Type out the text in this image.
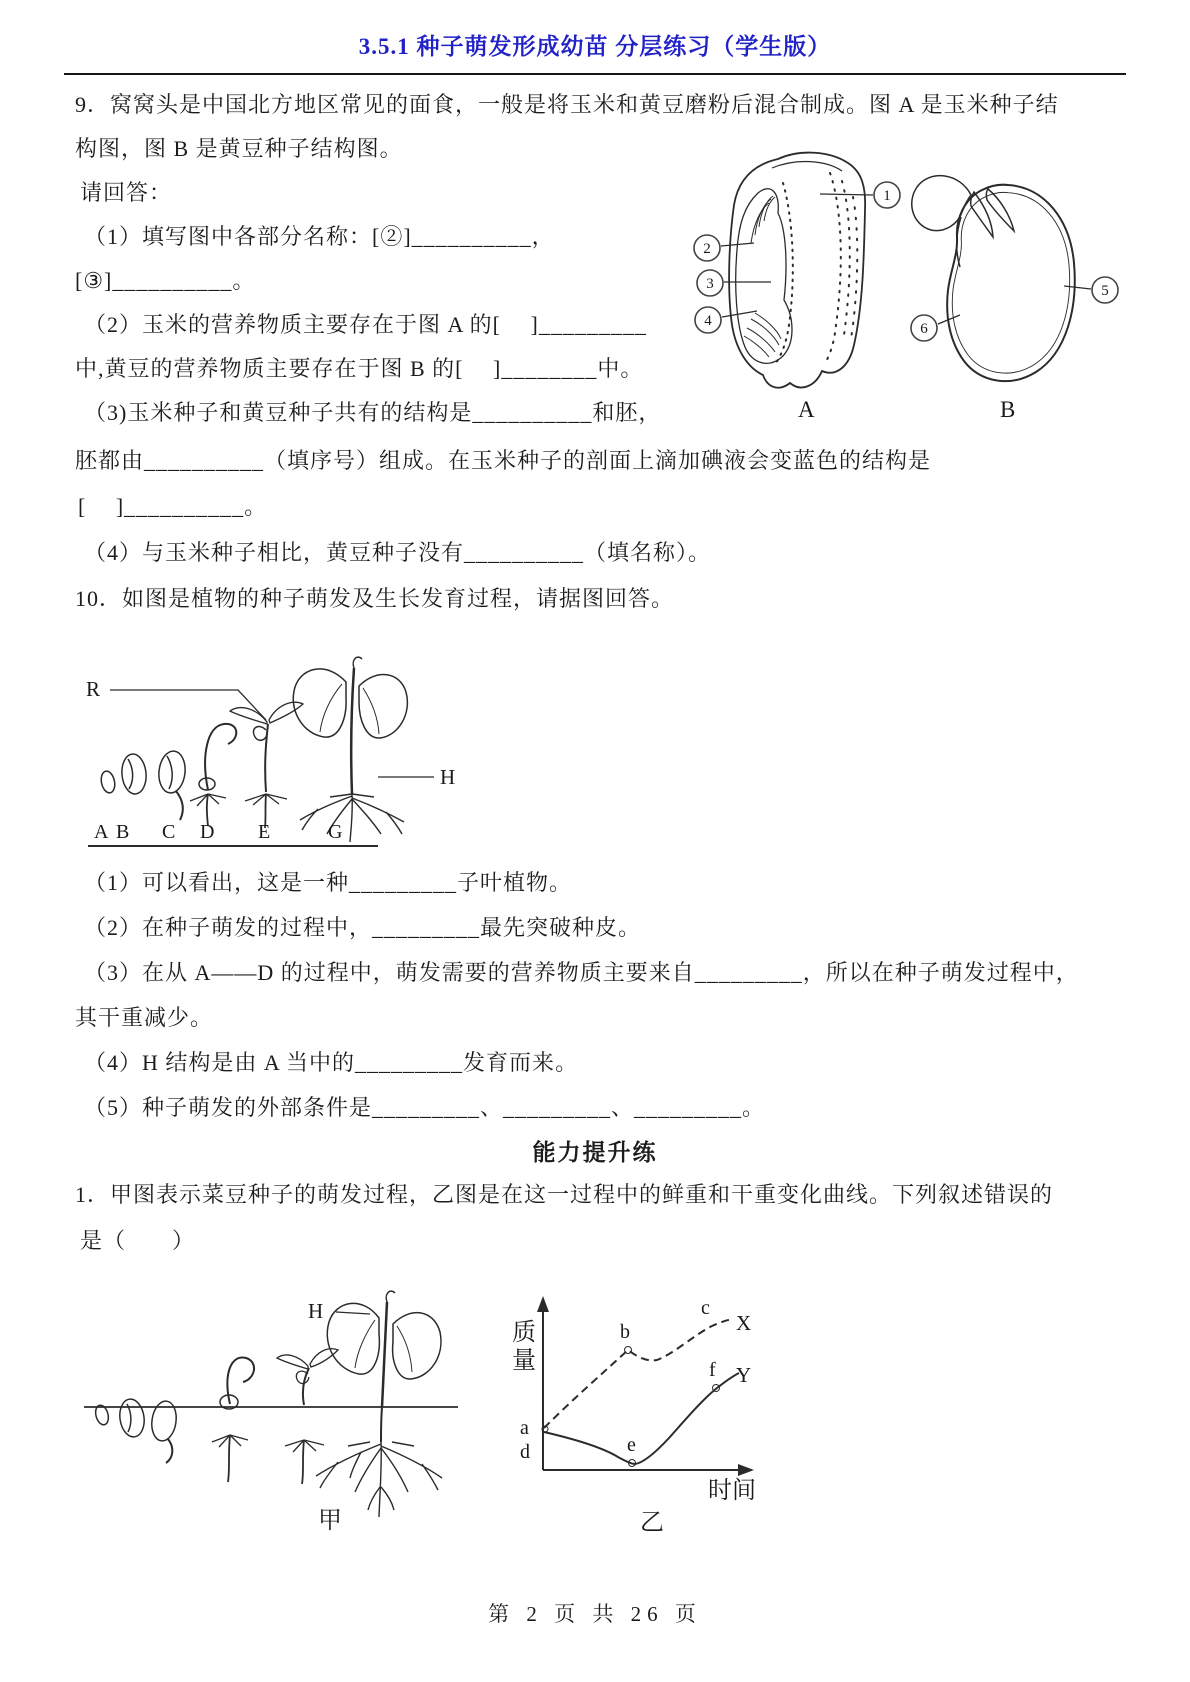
3.5.1 种子萌发形成幼苗 分层练习（学生版）
9．窝窝头是中国北方地区常见的面食，一般是将玉米和黄豆磨粉后混合制成。图 A 是玉米种子结
构图，图 B 是黄豆种子结构图。
请回答：
（1）填写图中各部分名称：[②]__________，
[③]__________。
（2）玉米的营养物质主要存在于图 A 的[　 ]_________
中,黄豆的营养物质主要存在于图 B 的[　 ]________中。
（3)玉米种子和黄豆种子共有的结构是__________和胚，
胚都由__________（填序号）组成。在玉米种子的剖面上滴加碘液会变蓝色的结构是
[　 ]__________。
（4）与玉米种子相比，黄豆种子没有__________（填名称）。
1
2
3
4
A
5
6
B
10．如图是植物的种子萌发及生长发育过程，请据图回答。
R
H
A B C D E	G
（1）可以看出，这是一种_________子叶植物。
（2）在种子萌发的过程中，_________最先突破种皮。
（3）在从 A——D 的过程中，萌发需要的营养物质主要来自_________，所以在种子萌发过程中，
其干重减少。
（4）H 结构是由 A 当中的_________发育而来。
（5）种子萌发的外部条件是_________、_________、_________。
能力提升练
1．甲图表示菜豆种子的萌发过程，乙图是在这一过程中的鲜重和干重变化曲线。下列叙述错误的
是（　　）
H
甲
质
量
时间
a
d
b
c
e
f
X
Y
乙
第 2 页 共 26 页
